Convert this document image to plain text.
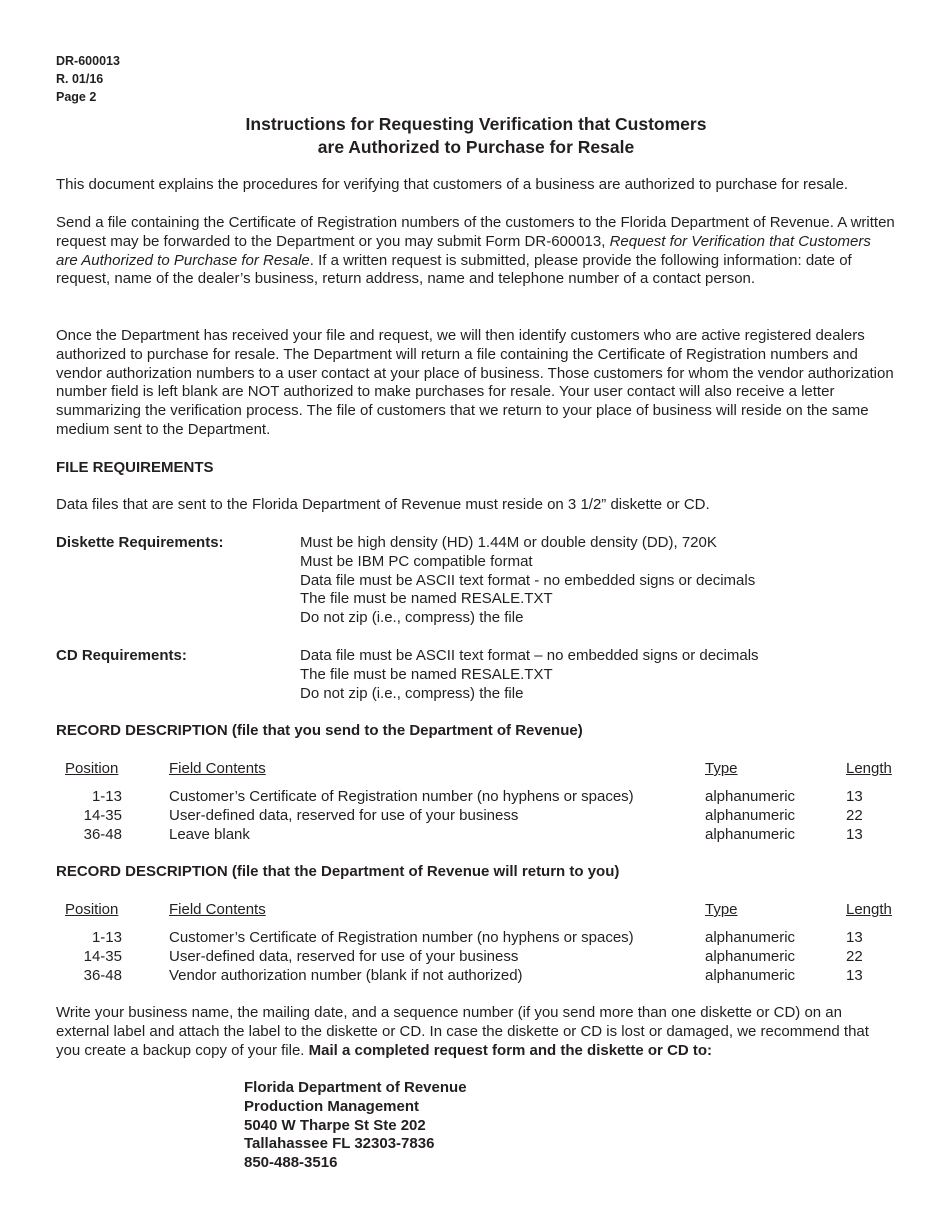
DR-600013
R. 01/16
Page 2
Instructions for Requesting Verification that Customers
are Authorized to Purchase for Resale
This document explains the procedures for verifying that customers of a business are authorized to purchase for resale.
Send a file containing the Certificate of Registration numbers of the customers to the Florida Department of Revenue. A written request may be forwarded to the Department or you may submit Form DR-600013, Request for Verification that Customers are Authorized to Purchase for Resale. If a written request is submitted, please provide the following information: date of request, name of the dealer’s business, return address, name and telephone number of a contact person.
Once the Department has received your file and request, we will then identify customers who are active registered dealers authorized to purchase for resale. The Department will return a file containing the Certificate of Registration numbers and vendor authorization numbers to a user contact at your place of business. Those customers for whom the vendor authorization number field is left blank are NOT authorized to make purchases for resale. Your user contact will also receive a letter summarizing the verification process. The file of customers that we return to your place of business will reside on the same medium sent to the Department.
FILE REQUIREMENTS
Data files that are sent to the Florida Department of Revenue must reside on 3 1/2” diskette or CD.
Diskette Requirements:	Must be high density (HD) 1.44M or double density (DD), 720K
Must be IBM PC compatible format
Data file must be ASCII text format - no embedded signs or decimals
The file must be named RESALE.TXT
Do not zip (i.e., compress) the file
CD Requirements:	Data file must be ASCII text format – no embedded signs or decimals
The file must be named RESALE.TXT
Do not zip (i.e., compress) the file
RECORD DESCRIPTION (file that you send to the Department of Revenue)
Position	Field Contents	Type	Length
1-13	Customer’s Certificate of Registration number (no hyphens or spaces)	alphanumeric	13
14-35	User-defined data, reserved for use of your business	alphanumeric	22
36-48	Leave blank	alphanumeric	13
RECORD DESCRIPTION (file that the Department of Revenue will return to you)
Position	Field Contents	Type	Length
1-13	Customer’s Certificate of Registration number (no hyphens or spaces)	alphanumeric	13
14-35	User-defined data, reserved for use of your business	alphanumeric	22
36-48	Vendor authorization number (blank if not authorized)	alphanumeric	13
Write your business name, the mailing date, and a sequence number (if you send more than one diskette or CD) on an external label and attach the label to the diskette or CD. In case the diskette or CD is lost or damaged, we recommend that you create a backup copy of your file. Mail a completed request form and the diskette or CD to:
Florida Department of Revenue
Production Management
5040 W Tharpe St Ste 202
Tallahassee FL 32303-7836
850-488-3516
